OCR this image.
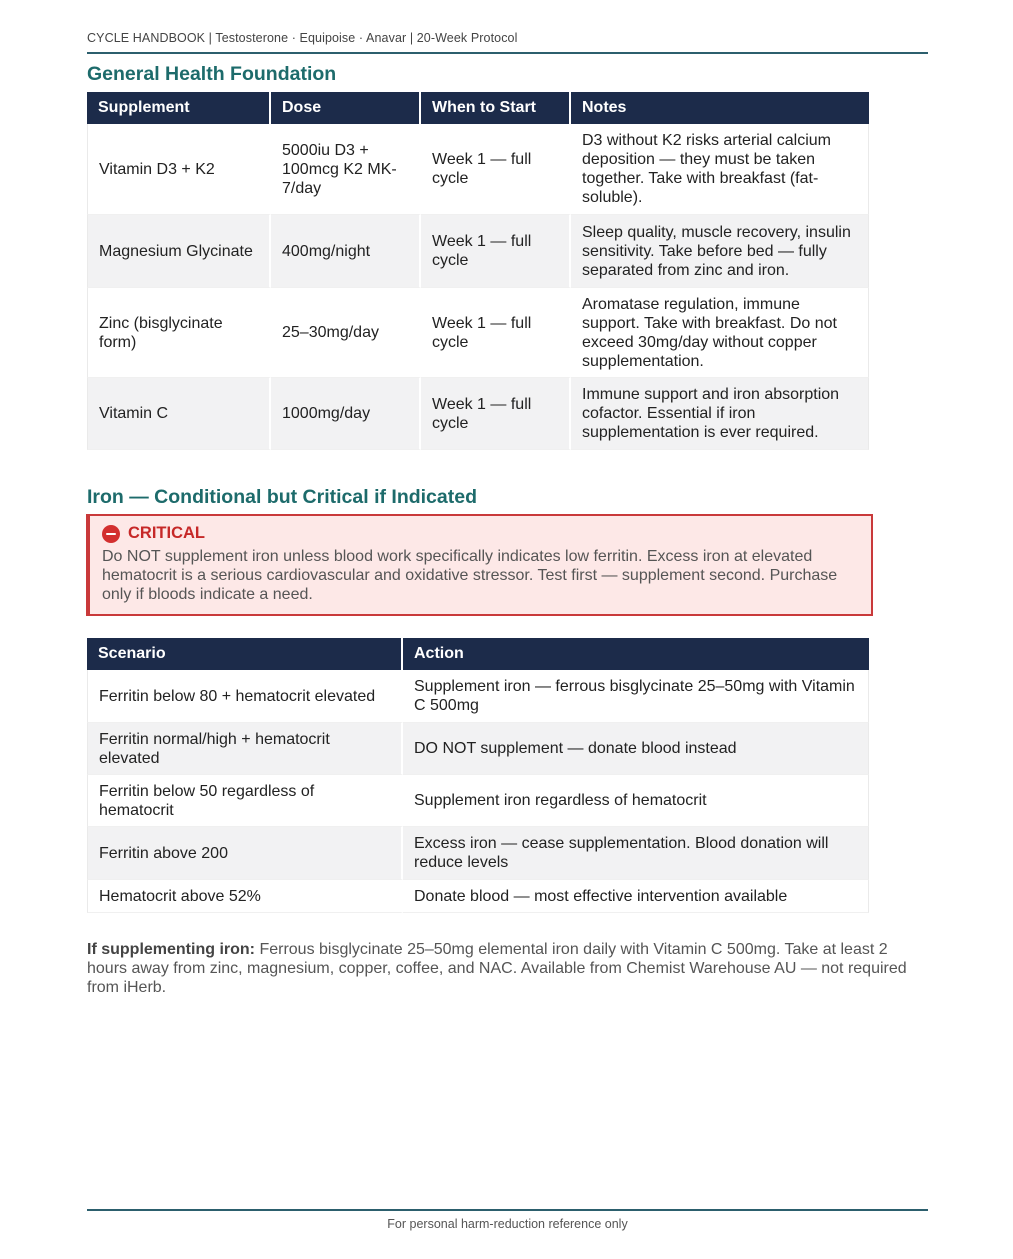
CYCLE HANDBOOK | Testosterone · Equipoise · Anavar | 20-Week Protocol
General Health Foundation
Supplement	Dose	When to Start	Notes
Vitamin D3 + K2	5000iu D3 + 100mcg K2 MK-7/day	Week 1 — full cycle	D3 without K2 risks arterial calcium deposition — they must be taken together. Take with breakfast (fat-soluble).
Magnesium Glycinate	400mg/night	Week 1 — full cycle	Sleep quality, muscle recovery, insulin sensitivity. Take before bed — fully separated from zinc and iron.
Zinc (bisglycinate form)	25–30mg/day	Week 1 — full cycle	Aromatase regulation, immune support. Take with breakfast. Do not exceed 30mg/day without copper supplementation.
Vitamin C	1000mg/day	Week 1 — full cycle	Immune support and iron absorption cofactor. Essential if iron supplementation is ever required.
Iron — Conditional but Critical if Indicated
CRITICAL
Do NOT supplement iron unless blood work specifically indicates low ferritin. Excess iron at elevated hematocrit is a serious cardiovascular and oxidative stressor. Test first — supplement second. Purchase only if bloods indicate a need.
Scenario	Action
Ferritin below 80 + hematocrit elevated	Supplement iron — ferrous bisglycinate 25–50mg with Vitamin C 500mg
Ferritin normal/high + hematocrit elevated	DO NOT supplement — donate blood instead
Ferritin below 50 regardless of hematocrit	Supplement iron regardless of hematocrit
Ferritin above 200	Excess iron — cease supplementation. Blood donation will reduce levels
Hematocrit above 52%	Donate blood — most effective intervention available
If supplementing iron: Ferrous bisglycinate 25–50mg elemental iron daily with Vitamin C 500mg. Take at least 2 hours away from zinc, magnesium, copper, coffee, and NAC. Available from Chemist Warehouse AU — not required from iHerb.
For personal harm-reduction reference only
